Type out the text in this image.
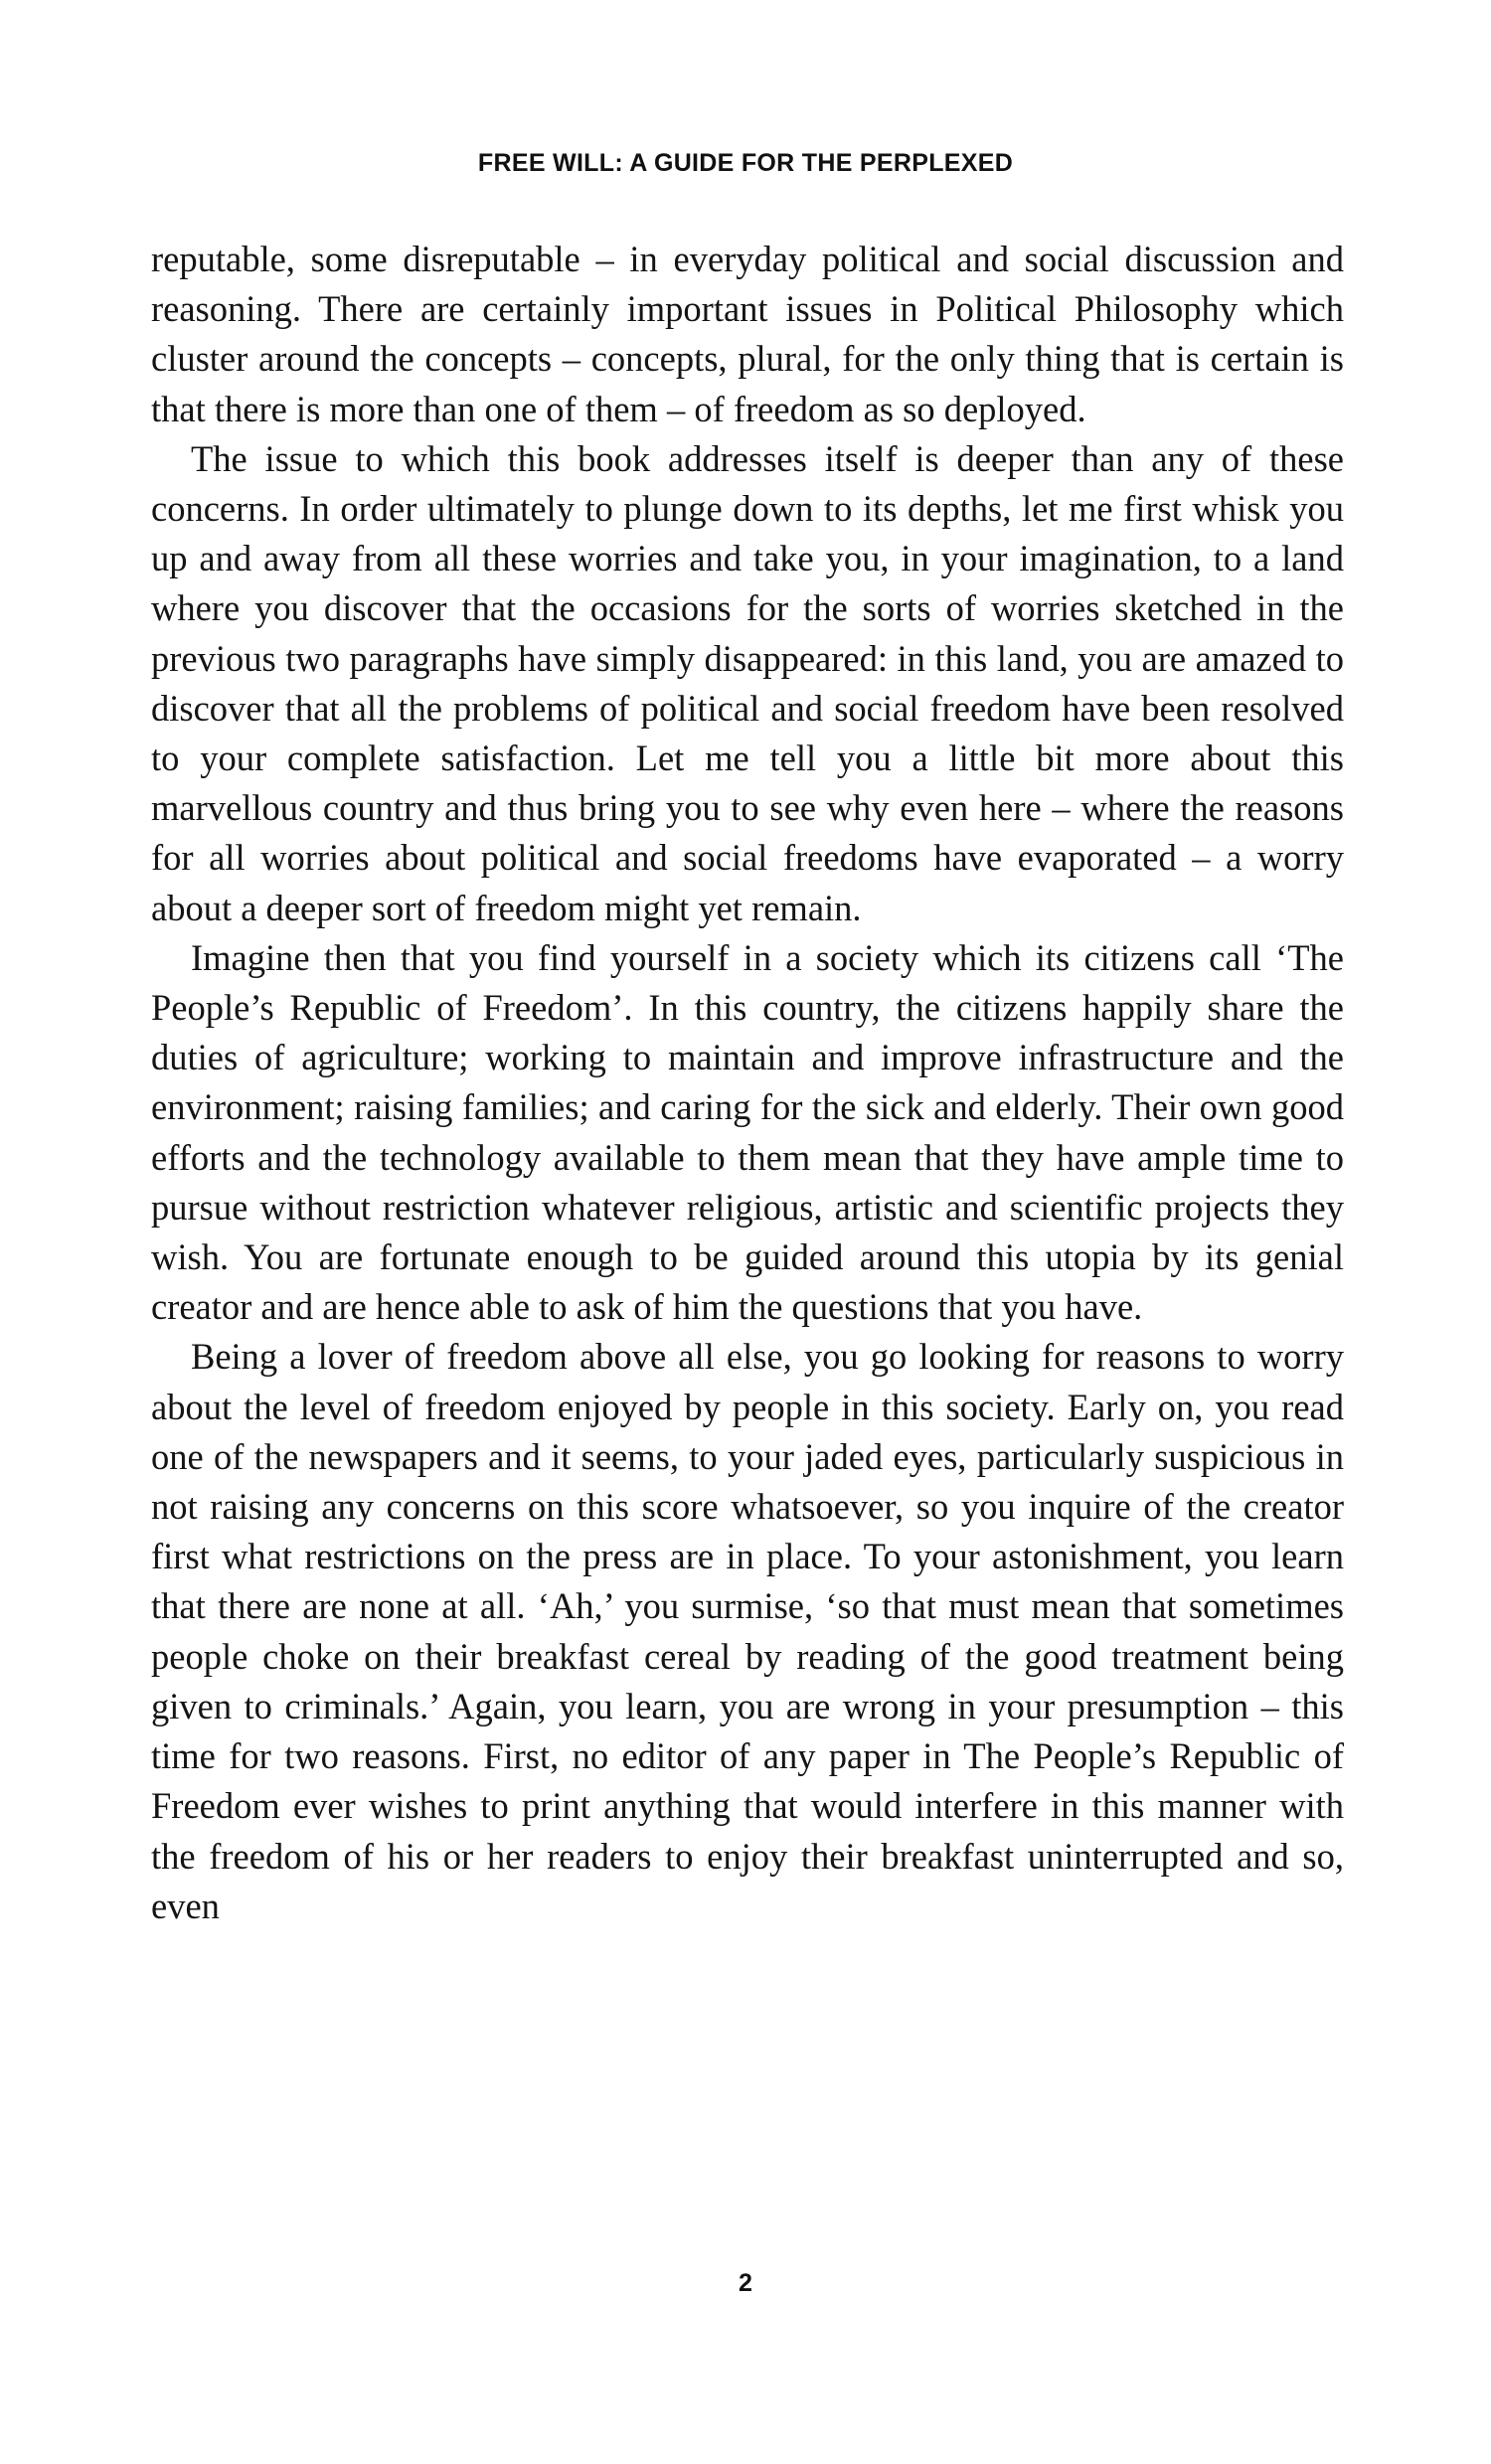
FREE WILL: A GUIDE FOR THE PERPLEXED

reputable, some disreputable – in everyday political and social discussion and reasoning. There are certainly important issues in Political Philosophy which cluster around the concepts – concepts, plural, for the only thing that is certain is that there is more than one of them – of freedom as so deployed.

The issue to which this book addresses itself is deeper than any of these concerns. In order ultimately to plunge down to its depths, let me first whisk you up and away from all these worries and take you, in your imagination, to a land where you discover that the occasions for the sorts of worries sketched in the previous two paragraphs have simply disappeared: in this land, you are amazed to discover that all the problems of political and social freedom have been resolved to your complete satisfaction. Let me tell you a little bit more about this marvellous country and thus bring you to see why even here – where the reasons for all worries about political and social freedoms have evaporated – a worry about a deeper sort of freedom might yet remain.

Imagine then that you find yourself in a society which its citizens call ‘The People’s Republic of Freedom’. In this country, the citizens happily share the duties of agriculture; working to maintain and improve infrastructure and the environment; raising families; and caring for the sick and elderly. Their own good efforts and the technology available to them mean that they have ample time to pursue without restriction whatever religious, artistic and scientific projects they wish. You are fortunate enough to be guided around this utopia by its genial creator and are hence able to ask of him the questions that you have.

Being a lover of freedom above all else, you go looking for reasons to worry about the level of freedom enjoyed by people in this society. Early on, you read one of the newspapers and it seems, to your jaded eyes, particularly suspicious in not raising any concerns on this score whatsoever, so you inquire of the creator first what restrictions on the press are in place. To your astonishment, you learn that there are none at all. ‘Ah,’ you surmise, ‘so that must mean that sometimes people choke on their breakfast cereal by reading of the good treatment being given to criminals.’ Again, you learn, you are wrong in your presumption – this time for two reasons. First, no editor of any paper in The People’s Republic of Freedom ever wishes to print anything that would interfere in this manner with the freedom of his or her readers to enjoy their breakfast uninterrupted and so, even

2
